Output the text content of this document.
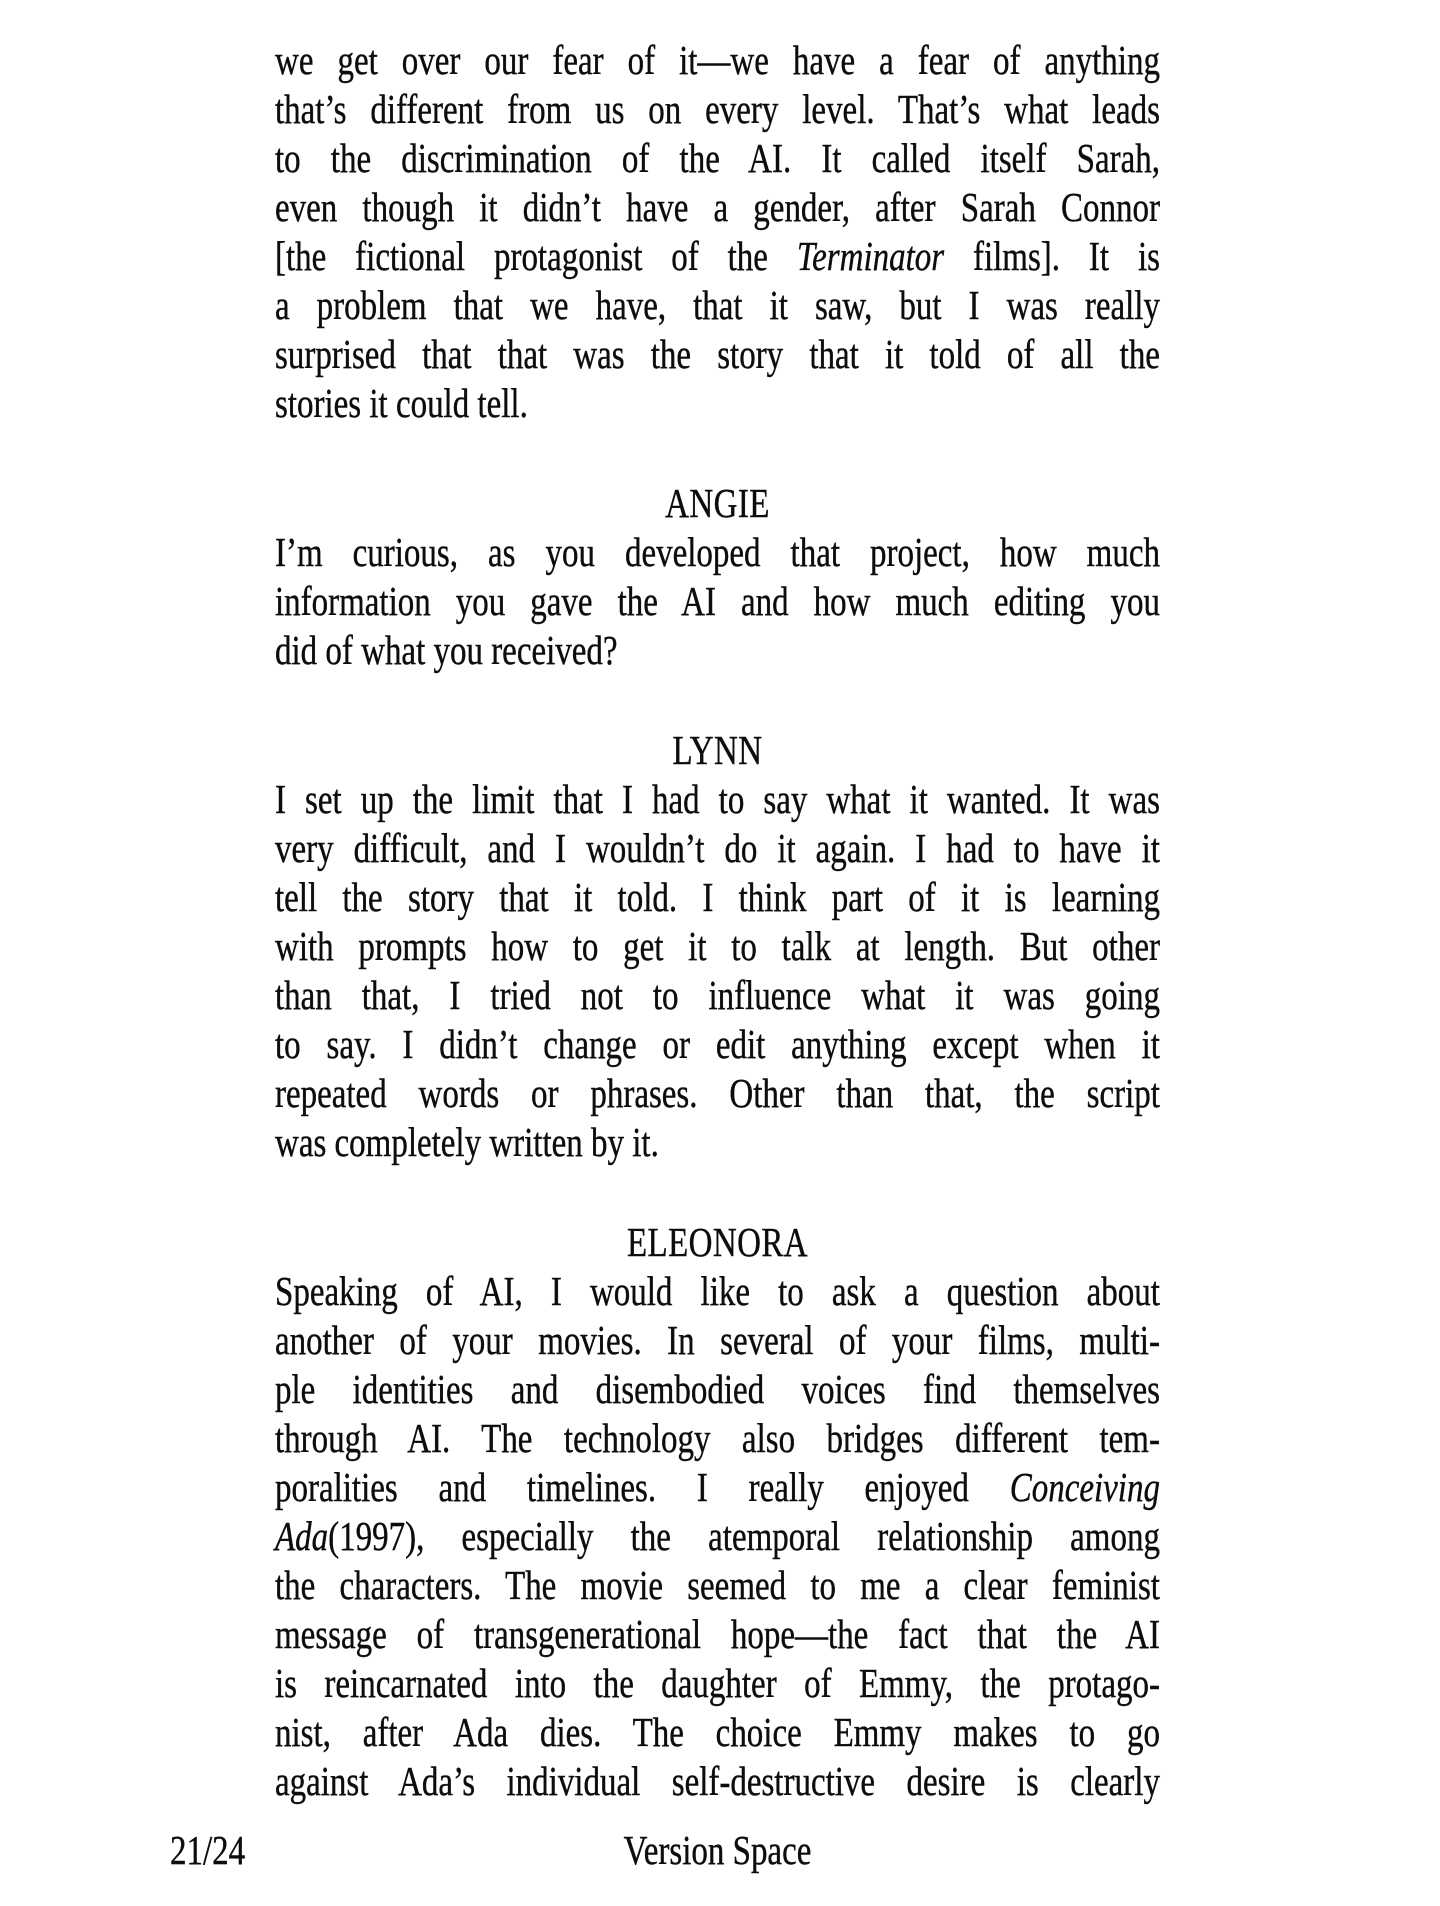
we get over our fear of it—we have a fear of anything
that’s different from us on every level. That’s what leads
to the discrimination of the AI. It called itself Sarah,
even though it didn’t have a gender, after Sarah Connor
[the fictional protagonist of the Terminator films]. It is
a problem that we have, that it saw, but I was really
surprised that that was the story that it told of all the
stories it could tell.
ANGIE
I’m curious, as you developed that project, how much
information you gave the AI and how much editing you
did of what you received?
LYNN
I set up the limit that I had to say what it wanted. It was
very difficult, and I wouldn’t do it again. I had to have it
tell the story that it told. I think part of it is learning
with prompts how to get it to talk at length. But other
than that, I tried not to influence what it was going
to say. I didn’t change or edit anything except when it
repeated words or phrases. Other than that, the script
was completely written by it.
ELEONORA
Speaking of AI, I would like to ask a question about
another of your movies. In several of your films, multi-
ple identities and disembodied voices find themselves
through AI. The technology also bridges different tem-
poralities and timelines. I really enjoyed Conceiving
Ada(1997), especially the atemporal relationship among
the characters. The movie seemed to me a clear feminist
message of transgenerational hope—the fact that the AI
is reincarnated into the daughter of Emmy, the protago-
nist, after Ada dies. The choice Emmy makes to go
against Ada’s individual self-destructive desire is clearly
21/24	Version Space
